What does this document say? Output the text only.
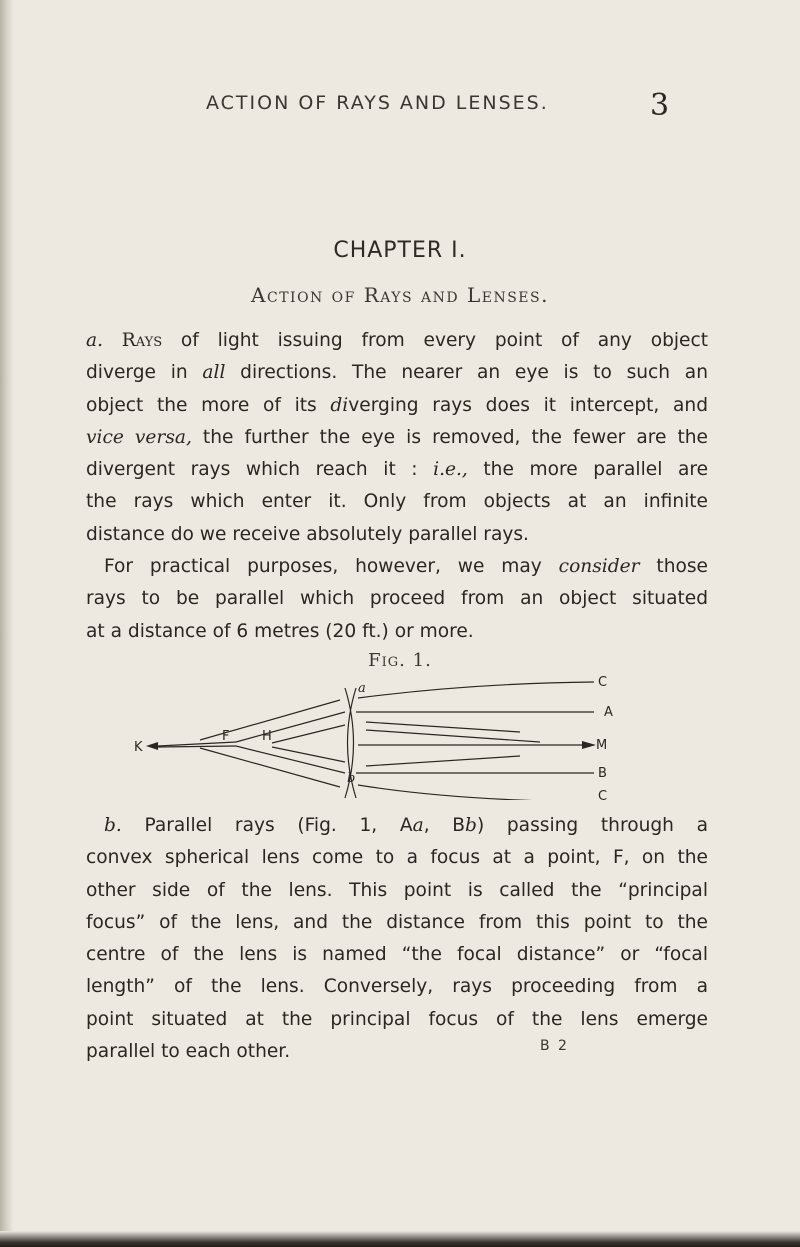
ACTION OF RAYS AND LENSES.	3
CHAPTER I.
Action of Rays and Lenses.
a. Rays of light issuing from every point of any object
diverge in all directions. The nearer an eye is to such an
object the more of its diverging rays does it intercept, and
vice versa, the further the eye is removed, the fewer are the
divergent rays which reach it : i.e., the more parallel are
the rays which enter it. Only from objects at an infinite
distance do we receive absolutely parallel rays.
For practical purposes, however, we may consider those
rays to be parallel which proceed from an object situated
at a distance of 6 metres (20 ft.) or more.
Fig. 1.
K
F	H
a
b
C
A
M
B
C
b. Parallel rays (Fig. 1, Aa, Bb) passing through a
convex spherical lens come to a focus at a point, F, on the
other side of the lens. This point is called the “principal
focus” of the lens, and the distance from this point to the
centre of the lens is named “the focal distance” or “focal
length” of the lens. Conversely, rays proceeding from a
point situated at the principal focus of the lens emerge
parallel to each other.	B 2
